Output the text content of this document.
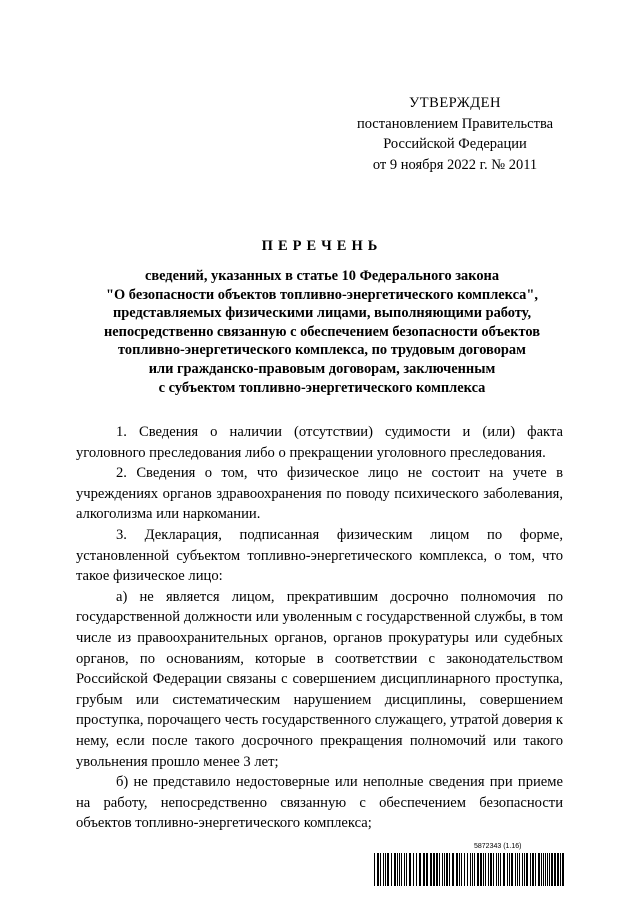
УТВЕРЖДЕН
постановлением Правительства
Российской Федерации
от 9 ноября 2022 г. № 2011
ПЕРЕЧЕНЬ
сведений, указанных в статье 10 Федерального закона
"О безопасности объектов топливно-энергетического комплекса",
представляемых физическими лицами, выполняющими работу,
непосредственно связанную с обеспечением безопасности объектов
топливно-энергетического комплекса, по трудовым договорам
или гражданско-правовым договорам, заключенным
с субъектом топливно-энергетического комплекса

1. Сведения о наличии (отсутствии) судимости и (или) факта уголовного преследования либо о прекращении уголовного преследования.

2. Сведения о том, что физическое лицо не состоит на учете в учреждениях органов здравоохранения по поводу психического заболевания, алкоголизма или наркомании.

3. Декларация, подписанная физическим лицом по форме, установленной субъектом топливно-энергетического комплекса, о том, что такое физическое лицо:

а) не является лицом, прекратившим досрочно полномочия по государственной должности или уволенным с государственной службы, в том числе из правоохранительных органов, органов прокуратуры или судебных органов, по основаниям, которые в соответствии с законодательством Российской Федерации связаны с совершением дисциплинарного проступка, грубым или систематическим нарушением дисциплины, совершением проступка, порочащего честь государственного служащего, утратой доверия к нему, если после такого досрочного прекращения полномочий или такого увольнения прошло менее 3 лет;

б) не представило недостоверные или неполные сведения при приеме на работу, непосредственно связанную с обеспечением безопасности объектов топливно-энергетического комплекса;

5872343 (1.16)
